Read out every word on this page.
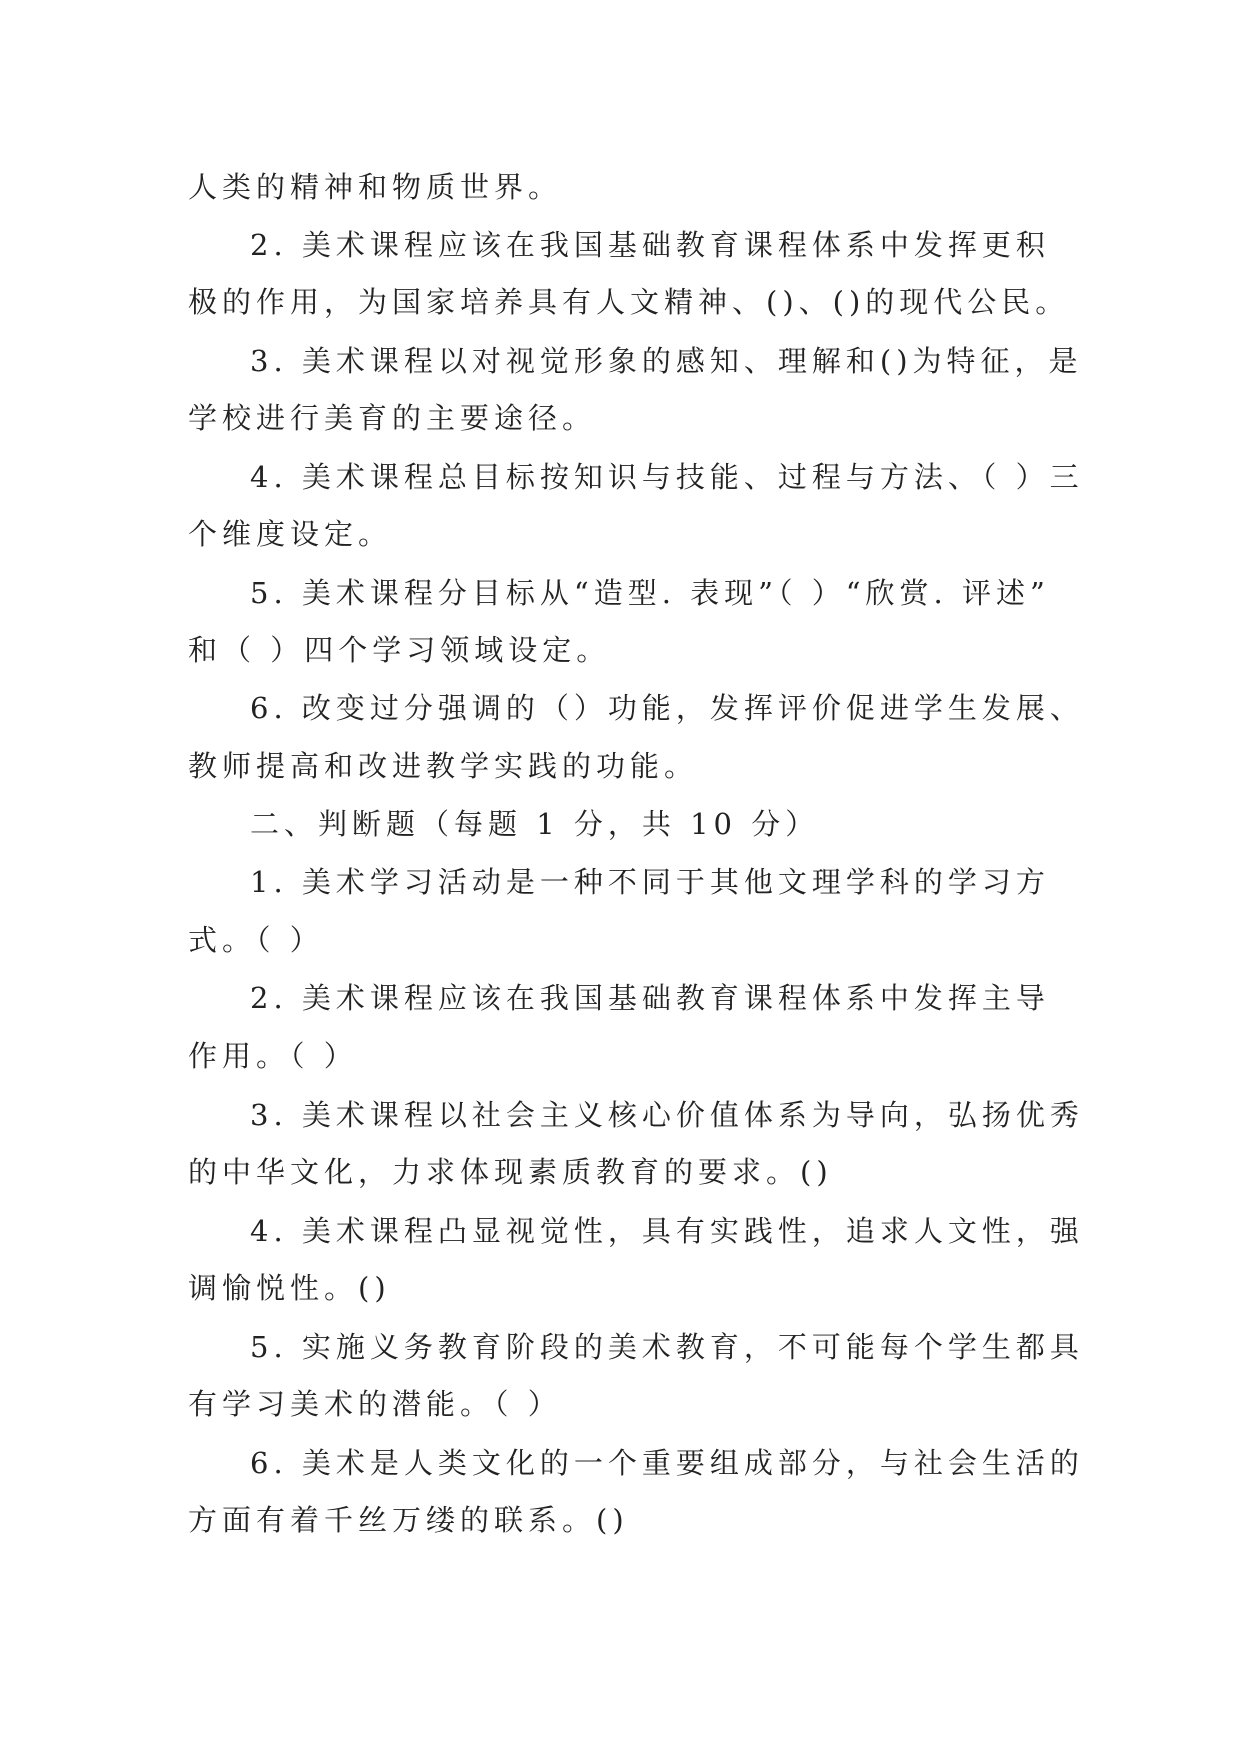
人类的精神和物质世界。

2. 美术课程应该在我国基础教育课程体系中发挥更积

极的作用，为国家培养具有人文精神、()、()的现代公民。

3. 美术课程以对视觉形象的感知、理解和()为特征，是

学校进行美育的主要途径。

4. 美术课程总目标按知识与技能、过程与方法、（ ）三

个维度设定。

5. 美术课程分目标从“造型. 表现”（ ）“欣赏. 评述”

和（ ）四个学习领域设定。

6. 改变过分强调的（）功能，发挥评价促进学生发展、

教师提高和改进教学实践的功能。

二、判断题（每题 1 分，共 10 分）

1. 美术学习活动是一种不同于其他文理学科的学习方

式。（ ）

2. 美术课程应该在我国基础教育课程体系中发挥主导

作用。（ ）

3. 美术课程以社会主义核心价值体系为导向，弘扬优秀

的中华文化，力求体现素质教育的要求。()

4. 美术课程凸显视觉性，具有实践性，追求人文性，强

调愉悦性。()

5. 实施义务教育阶段的美术教育，不可能每个学生都具

有学习美术的潜能。（ ）

6. 美术是人类文化的一个重要组成部分，与社会生活的

方面有着千丝万缕的联系。()
